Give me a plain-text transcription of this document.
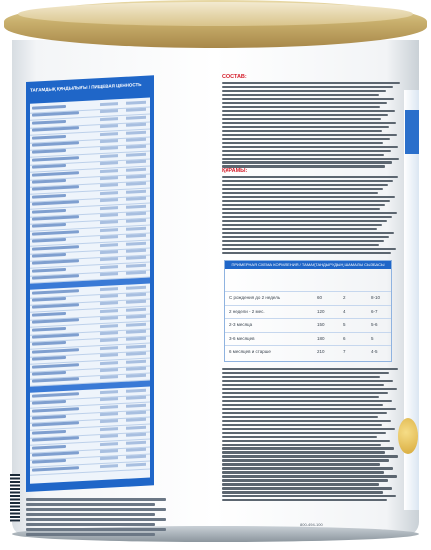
ТАҒАМДЫҚ ҚҰНДЫЛЫҒЫ / ПИЩЕВАЯ ЦЕННОСТЬ
СОСТАВ:
ҚҰРАМЫ:
ПРИМЕРНАЯ СХЕМА КОРМЛЕНИЯ / ТАМАҚТАНДЫРУДЫҢ ШАМАЛЫ СЫЗБАСЫ
С рождения до 2 недель	60	2	8-10
2 недели - 2 мес.	120	4	6-7
2-3 месяца	150	5	5-6
3-6 месяцев	180	6	5
6 месяцев и старше	210	7	4-5
800-494-100
